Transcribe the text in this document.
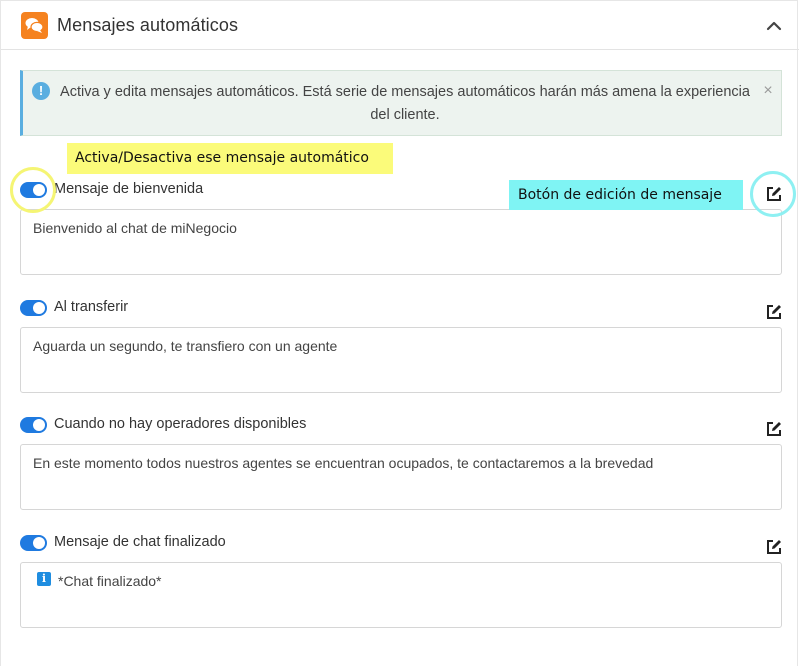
Mensajes automáticos
!	Activa y edita mensajes automáticos. Está serie de mensajes automáticos harán más amena la experiencia del cliente.
×
Mensaje de bienvenida
Bienvenido al chat de miNegocio
Al transferir
Aguarda un segundo, te transfiero con un agente
Cuando no hay operadores disponibles
En este momento todos nuestros agentes se encuentran ocupados, te contactaremos a la brevedad
Mensaje de chat finalizado
i *Chat finalizado*
Activa/Desactiva ese mensaje automático
Botón de edición de mensaje
